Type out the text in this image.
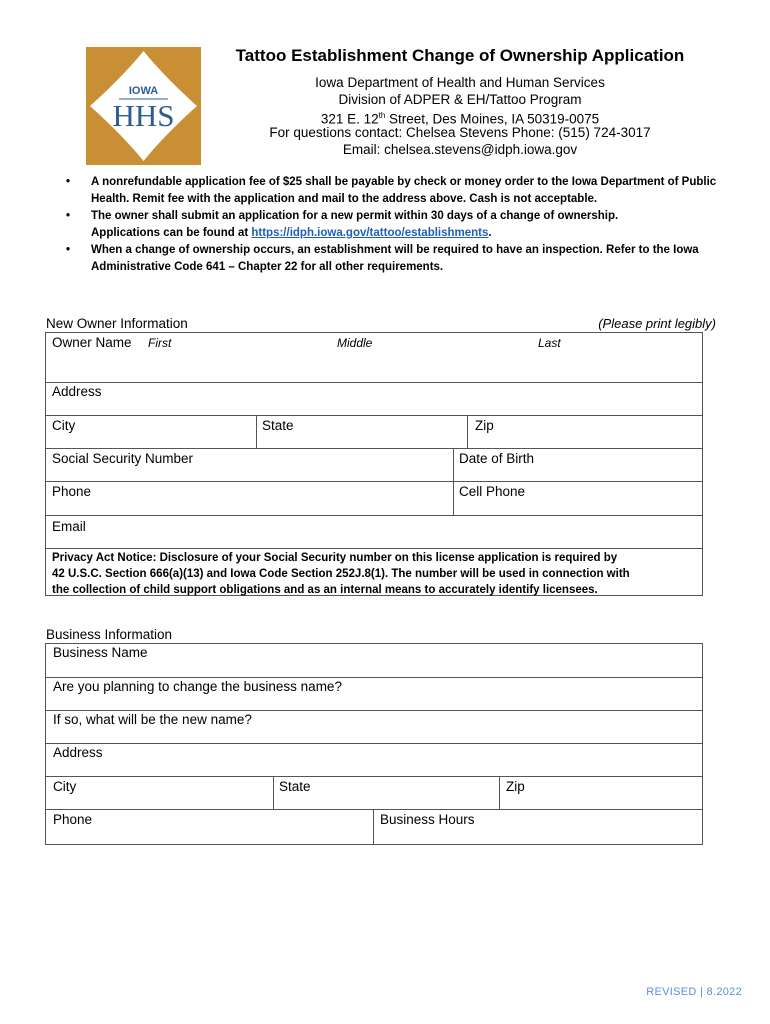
IOWA
HHS
Tattoo Establishment Change of Ownership Application
Iowa Department of Health and Human Services
Division of ADPER & EH/Tattoo Program
321 E. 12th Street, Des Moines, IA 50319-0075
For questions contact: Chelsea Stevens Phone: (515) 724-3017
Email: chelsea.stevens@idph.iowa.gov
• A nonrefundable application fee of $25 shall be payable by check or money order to the Iowa Department of Public Health. Remit fee with the application and mail to the address above. Cash is not acceptable.
• The owner shall submit an application for a new permit within 30 days of a change of ownership.
Applications can be found at https://idph.iowa.gov/tattoo/establishments.
• When a change of ownership occurs, an establishment will be required to have an inspection. Refer to the Iowa Administrative Code 641 – Chapter 22 for all other requirements.
New Owner Information	(Please print legibly)
Owner Name First	Middle	Last
Address
City	State	Zip
Social Security Number	Date of Birth
Phone	Cell Phone
Email
Privacy Act Notice: Disclosure of your Social Security number on this license application is required by
42 U.S.C. Section 666(a)(13) and Iowa Code Section 252J.8(1). The number will be used in connection with
the collection of child support obligations and as an internal means to accurately identify licensees.
Business Information
Business Name
Are you planning to change the business name?
If so, what will be the new name?
Address
City	State	Zip
Phone	Business Hours
REVISED | 8.2022
